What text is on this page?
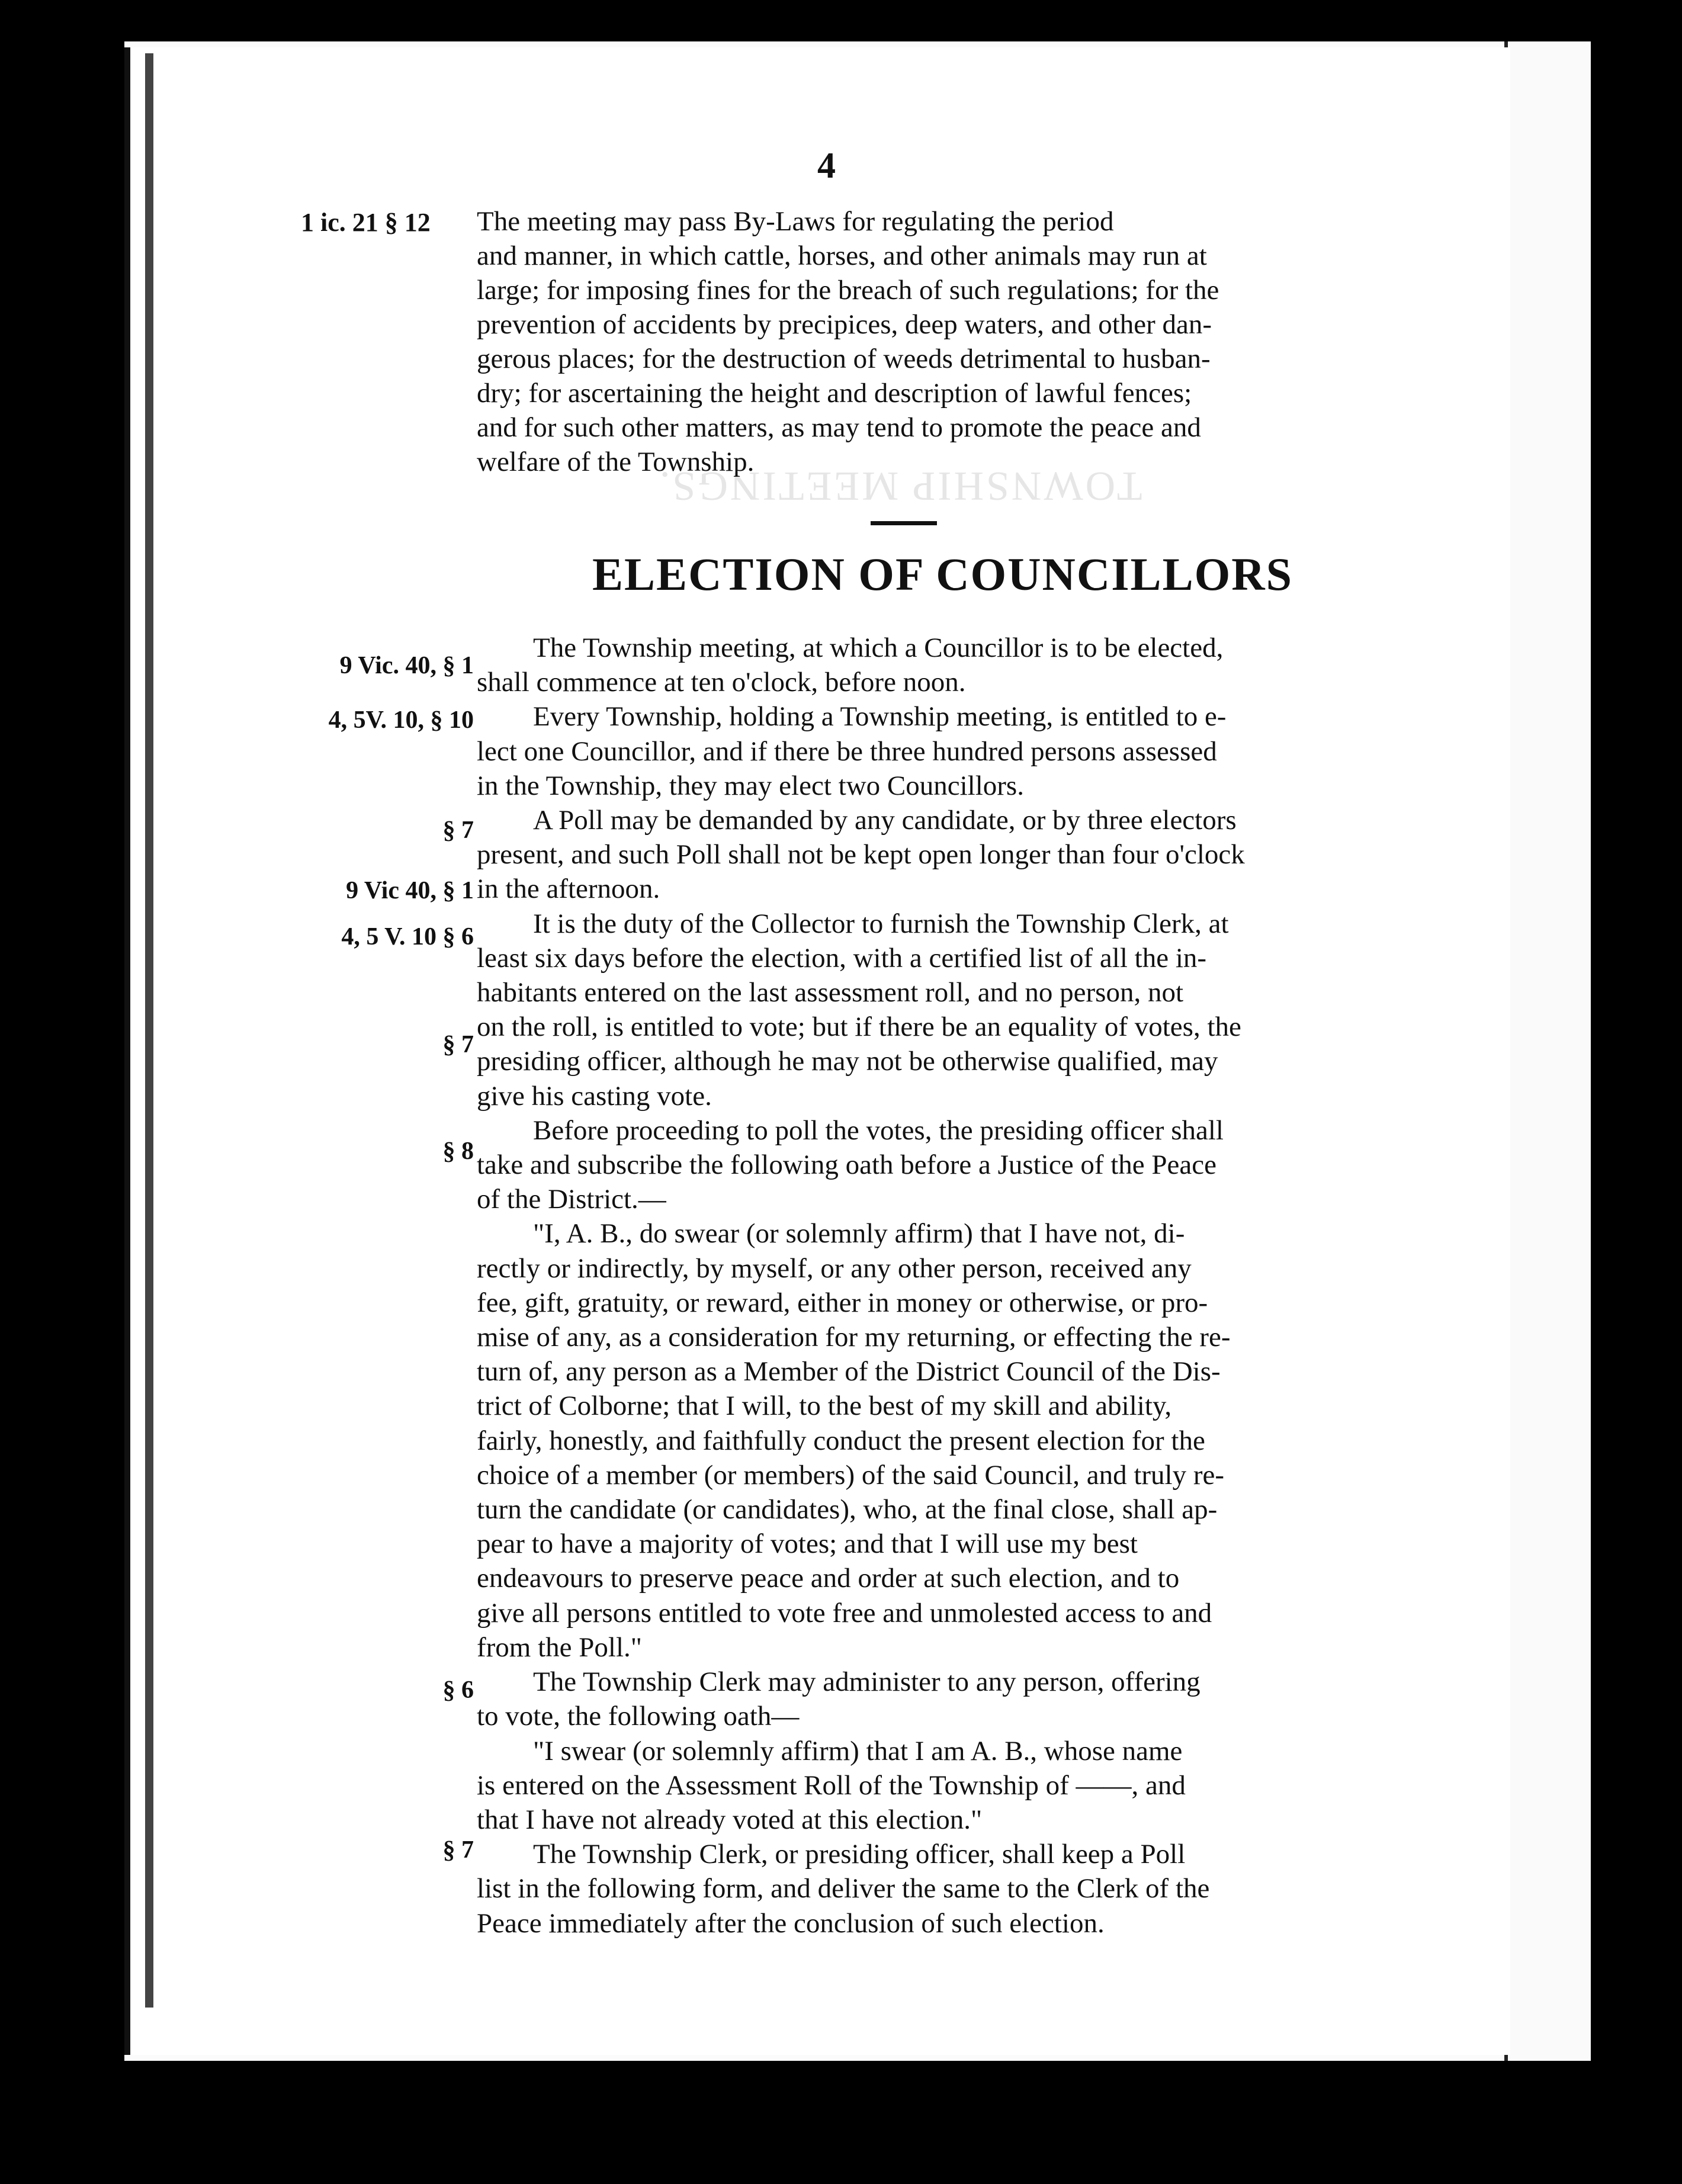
TOWNSHIP MEETINGS.
4
1 ic. 21 § 12 The meeting may pass By-Laws for regulating the period
and manner, in which cattle, horses, and other animals may run at
large; for imposing fines for the breach of such regulations; for the
prevention of accidents by precipices, deep waters, and other dan-
gerous places; for the destruction of weeds detrimental to husban-
dry; for ascertaining the height and description of lawful fences;
and for such other matters, as may tend to promote the peace and
welfare of the Township.
ELECTION OF COUNCILLORS
9 Vic. 40, § 1
4, 5V. 10, § 10
§ 7
9 Vic 40, § 1
4, 5 V. 10 § 6
§ 7
§ 8
§ 6
§ 7

The Township meeting, at which a Councillor is to be elected,
shall commence at ten o'clock, before noon.

Every Township, holding a Township meeting, is entitled to e-
lect one Councillor, and if there be three hundred persons assessed
in the Township, they may elect two Councillors.

A Poll may be demanded by any candidate, or by three electors
present, and such Poll shall not be kept open longer than four o'clock
in the afternoon.

It is the duty of the Collector to furnish the Township Clerk, at
least six days before the election, with a certified list of all the in-
habitants entered on the last assessment roll, and no person, not
on the roll, is entitled to vote; but if there be an equality of votes, the
presiding officer, although he may not be otherwise qualified, may
give his casting vote.

Before proceeding to poll the votes, the presiding officer shall
take and subscribe the following oath before a Justice of the Peace
of the District.—

"I, A. B., do swear (or solemnly affirm) that I have not, di-
rectly or indirectly, by myself, or any other person, received any
fee, gift, gratuity, or reward, either in money or otherwise, or pro-
mise of any, as a consideration for my returning, or effecting the re-
turn of, any person as a Member of the District Council of the Dis-
trict of Colborne; that I will, to the best of my skill and ability,
fairly, honestly, and faithfully conduct the present election for the
choice of a member (or members) of the said Council, and truly re-
turn the candidate (or candidates), who, at the final close, shall ap-
pear to have a majority of votes; and that I will use my best
endeavours to preserve peace and order at such election, and to
give all persons entitled to vote free and unmolested access to and
from the Poll."

The Township Clerk may administer to any person, offering
to vote, the following oath—

"I swear (or solemnly affirm) that I am A. B., whose name
is entered on the Assessment Roll of the Township of ——, and
that I have not already voted at this election."

The Township Clerk, or presiding officer, shall keep a Poll
list in the following form, and deliver the same to the Clerk of the
Peace immediately after the conclusion of such election.
